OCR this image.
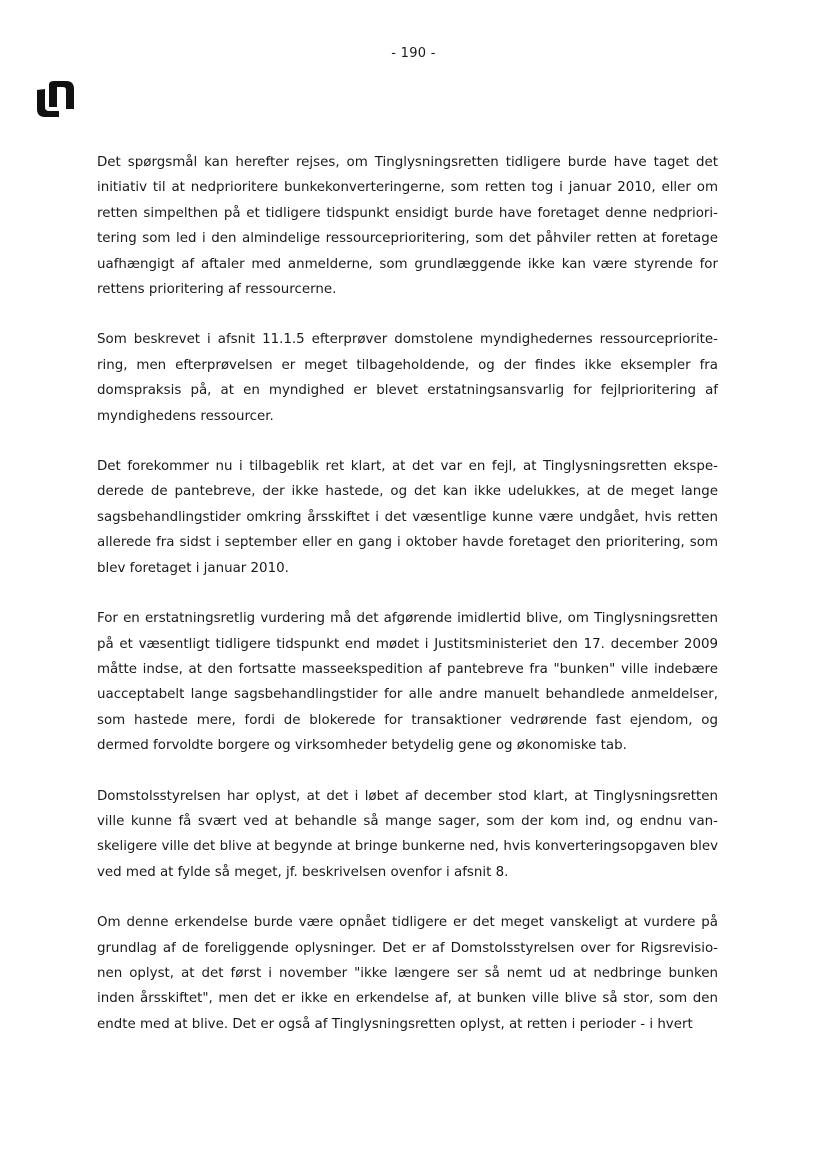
- 190 -

Det spørgsmål kan herefter rejses, om Tinglysningsretten tidligere burde have taget det initiativ til at nedprioritere bunkekonverteringerne, som retten tog i januar 2010, eller om retten simpelthen på et tidligere tidspunkt ensidigt burde have foretaget denne nedprioritering som led i den almindelige ressourceprioritering, som det påhviler retten at foretage uafhængigt af aftaler med anmelderne, som grundlæggende ikke kan være styrende for rettens prioritering af ressourcerne.

Som beskrevet i afsnit 11.1.5 efterprøver domstolene myndighedernes ressourceprioritering, men efterprøvelsen er meget tilbageholdende, og der findes ikke eksempler fra domspraksis på, at en myndighed er blevet erstatningsansvarlig for fejlprioritering af myndighedens ressourcer.

Det forekommer nu i tilbageblik ret klart, at det var en fejl, at Tinglysningsretten ekspederede de pantebreve, der ikke hastede, og det kan ikke udelukkes, at de meget lange sagsbehandlingstider omkring årsskiftet i det væsentlige kunne være undgået, hvis retten allerede fra sidst i september eller en gang i oktober havde foretaget den prioritering, som blev foretaget i januar 2010.

For en erstatningsretlig vurdering må det afgørende imidlertid blive, om Tinglysningsretten på et væsentligt tidligere tidspunkt end mødet i Justitsministeriet den 17. december 2009 måtte indse, at den fortsatte masseekspedition af pantebreve fra "bunken" ville indebære uacceptabelt lange sagsbehandlingstider for alle andre manuelt behandlede anmeldelser, som hastede mere, fordi de blokerede for transaktioner vedrørende fast ejendom, og dermed forvoldte borgere og virksomheder betydelig gene og økonomiske tab.

Domstolsstyrelsen har oplyst, at det i løbet af december stod klart, at Tinglysningsretten ville kunne få svært ved at behandle så mange sager, som der kom ind, og endnu vanskeligere ville det blive at begynde at bringe bunkerne ned, hvis konverteringsopgaven blev ved med at fylde så meget, jf. beskrivelsen ovenfor i afsnit 8.

Om denne erkendelse burde være opnået tidligere er det meget vanskeligt at vurdere på grundlag af de foreliggende oplysninger. Det er af Domstolsstyrelsen over for Rigsrevisionen oplyst, at det først i november "ikke længere ser så nemt ud at nedbringe bunken inden årsskiftet", men det er ikke en erkendelse af, at bunken ville blive så stor, som den endte med at blive. Det er også af Tinglysningsretten oplyst, at retten i perioder - i hvert
